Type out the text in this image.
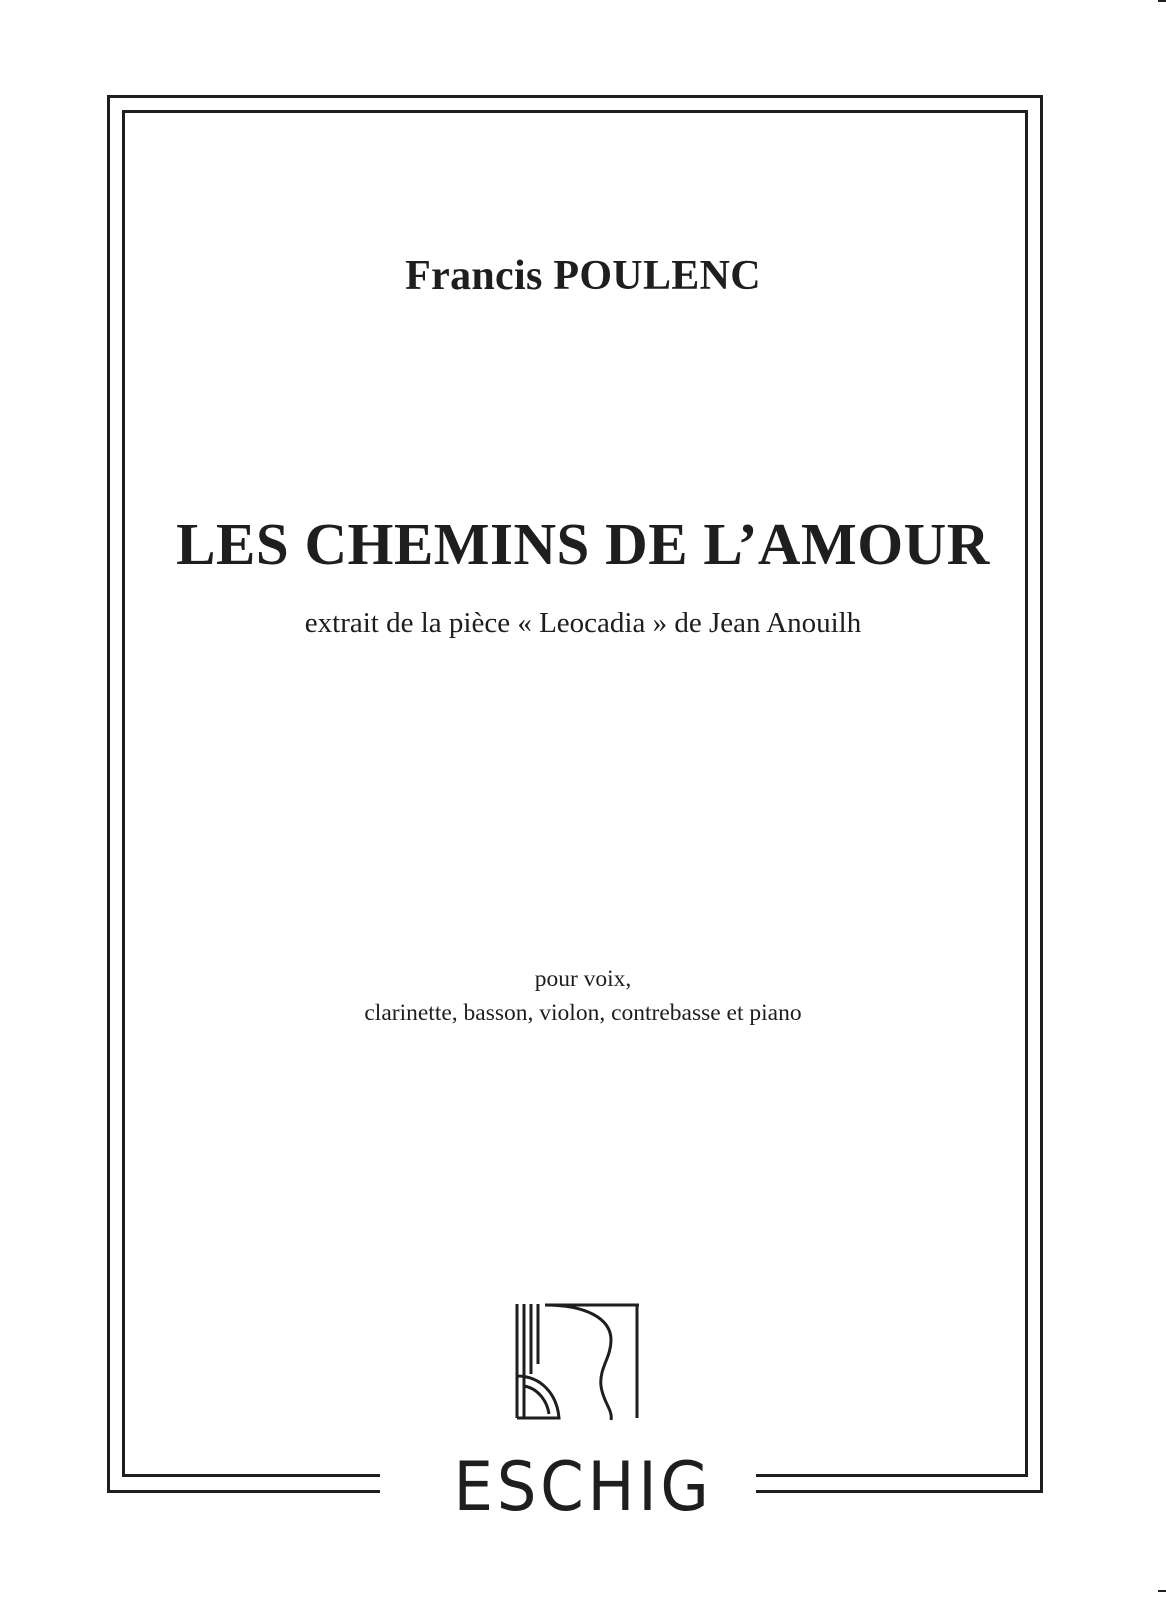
Francis POULENC
LES CHEMINS DE L’AMOUR

extrait de la pièce « Leocadia » de Jean Anouilh

pour voix,
clarinette, basson, violon, contrebasse et piano

ESCHIG
